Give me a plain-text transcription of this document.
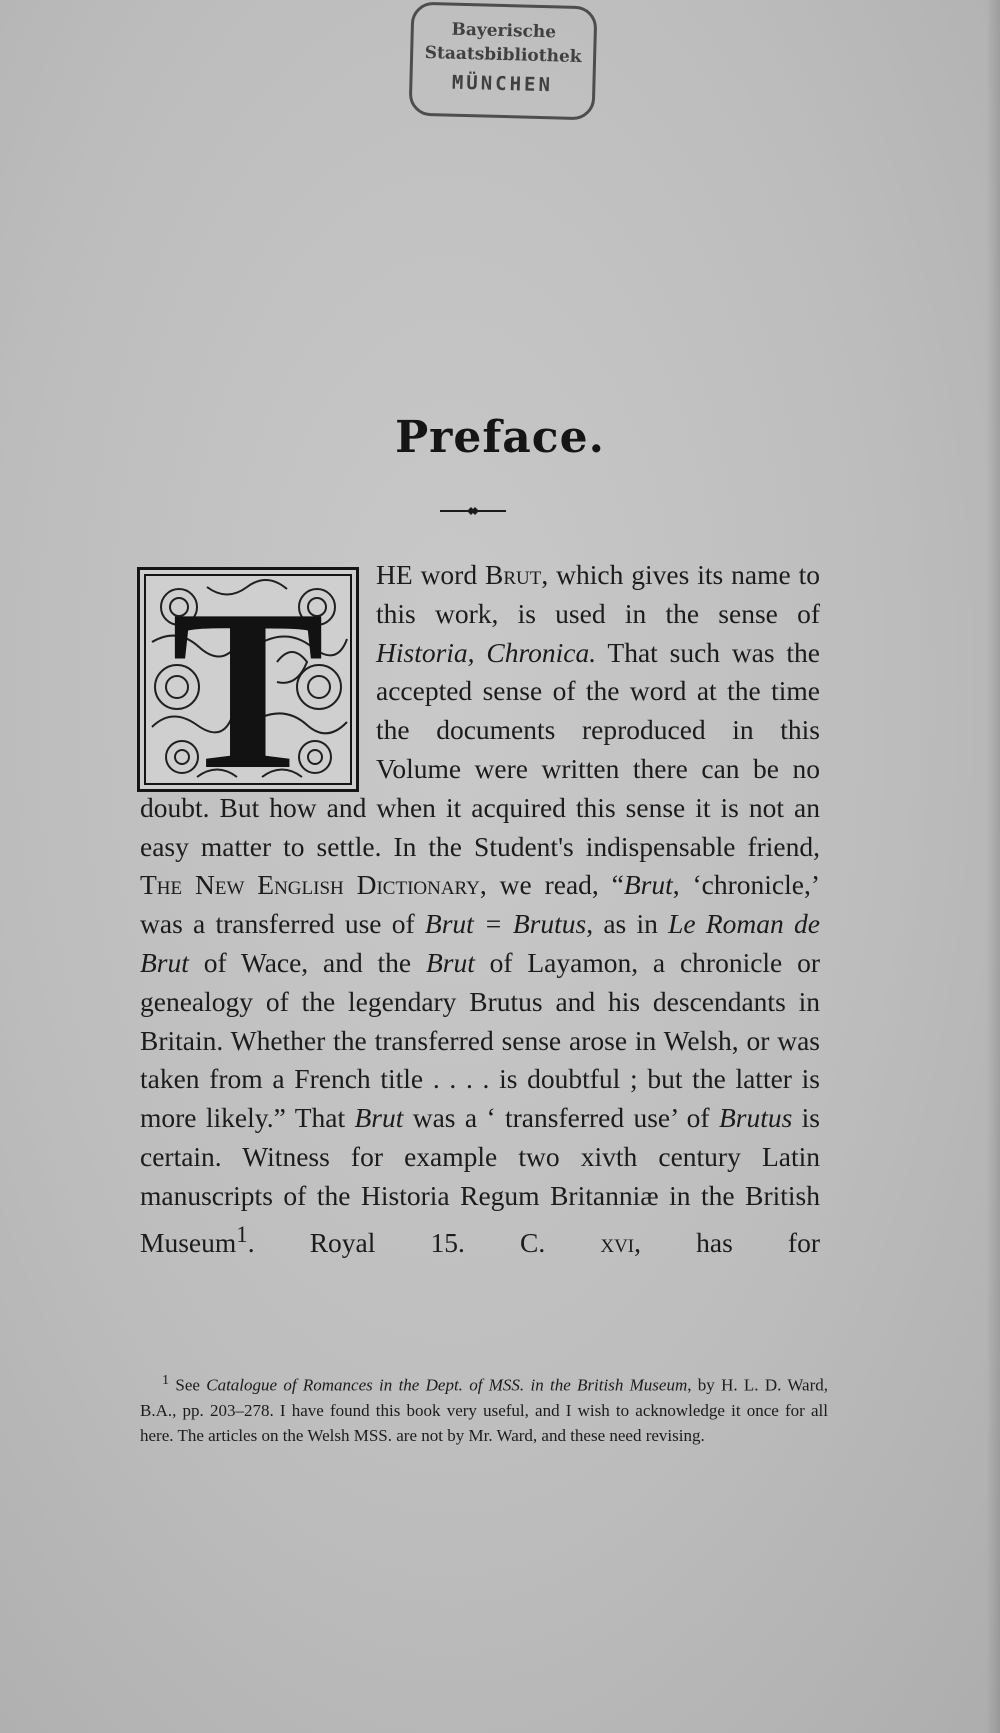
Bayerische
Staatsbibliothek
MÜNCHEN
Preface.
T	HE word Brut, which gives its name to this work, is used in the sense of Historia, Chronica. That such was the accepted sense of the word at the time the documents reproduced in this Volume were written there can be no doubt. But how and when it acquired this sense it is not an easy matter to settle. In the Student's indispensable friend, The New English Dictionary, we read, “Brut, ‘chronicle,’ was a transferred use of Brut = Brutus, as in Le Roman de Brut of Wace, and the Brut of Layamon, a chronicle or genealogy of the legendary Brutus and his descendants in Britain. Whether the transferred sense arose in Welsh, or was taken from a French title . . . . is doubtful ; but the latter is more likely.” That Brut was a ‘ transferred use’ of Brutus is certain. Witness for example two xivth century Latin manuscripts of the Historia Regum Britanniæ in the British Museum$^1$. Royal 15. C. xvi, has for

$^1$ See Catalogue of Romances in the Dept. of MSS. in the British Museum, by H. L. D. Ward, B.A., pp. 203–278. I have found this book very useful, and I wish to acknowledge it once for all here. The articles on the Welsh MSS. are not by Mr. Ward, and these need revising.
